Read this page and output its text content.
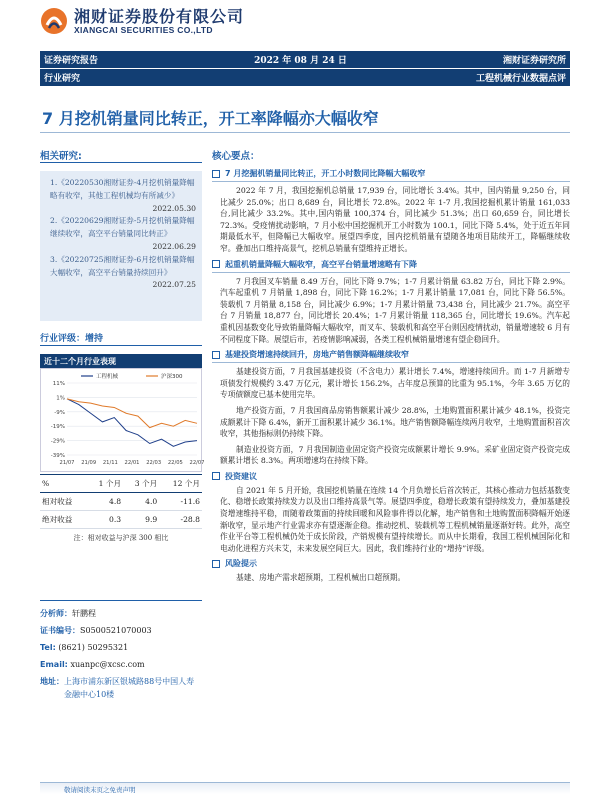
湘财证券股份有限公司
XIANGCAI SECURITIES CO.,LTD
证券研究报告	2022 年 08 月 24 日	湘财证券研究所
行业研究	工程机械行业数据点评
7 月挖机销量同比转正，开工率降幅亦大幅收窄
相关研究:
1.《20220530湘财证券-4月挖机销量降幅略有收窄，其他工程机械均有所减少》
2022.05.30
2.《20220629湘财证券-5月挖机销量降幅继续收窄，高空平台销量同比转正》
2022.06.29
3.《20220725湘财证券-6月挖机销量降幅大幅收窄，高空平台销量持续回升》
2022.07.25
行业评级：增持
近十二个月行业表现
11%
1%
-9%
-19%
-29%
-39%
21/07 21/09 21/11 22/01 22/03 22/05 22/07
工程机械	沪深300
%	1 个月	3 个月	12 个月
相对收益	4.8	4.0	-11.6
绝对收益	0.3	9.9	-28.8
注：相对收益与沪深 300 相比
分析师：轩鹏程
证书编号：S0500521070003
Tel: (8621) 50295321
Email: xuanpc@xcsc.com
地址： 上海市浦东新区银城路88号中国人寿金融中心10楼
核心要点：
7 月挖掘机销量同比转正，开工小时数同比降幅大幅收窄
2022 年 7 月，我国挖掘机总销量 17,939 台，同比增长 3.4%。其中，国内销量 9,250 台，同比减少 25.0%；出口 8,689 台，同比增长 72.8%。2022 年 1-7 月,我国挖掘机累计销量 161,033 台,同比减少 33.2%。其中,国内销量 100,374 台，同比减少 51.3%；出口 60,659 台，同比增长 72.3%。受疫情扰动影响，7 月小松中国挖掘机开工小时数为 100.1，同比下降 5.4%，处于近五年同期最低水平，但降幅已大幅收窄。展望四季度，国内挖机销量有望随各地项目陆续开工，降幅继续收窄。叠加出口维持高景气，挖机总销量有望维持正增长。
起重机销量降幅大幅收窄，高空平台销量增速略有下降
7 月我国叉车销量 8.49 万台，同比下降 9.7%；1-7 月累计销量 63.82 万台，同比下降 2.9%。汽车起重机 7 月销量 1,898 台，同比下降 16.2%；1-7 月累计销量 17,081 台，同比下降 56.5%。装载机 7 月销量 8,158 台，同比减少 6.9%；1-7 月累计销量 73,438 台，同比减少 21.7%。高空平台 7 月销量 18,877 台，同比增长 20.4%；1-7 月累计销量 118,365 台，同比增长 19.6%。汽车起重机因基数变化导致销量降幅大幅收窄，而叉车、装载机和高空平台则因疫情扰动，销量增速较 6 月有不同程度下降。展望后市，若疫情影响减弱，各类工程机械销量增速有望企稳回升。
基建投资增速持续回升，房地产销售额降幅继续收窄
基建投资方面，7 月我国基建投资（不含电力）累计增长 7.4%，增速持续回升。而 1-7 月新增专项债发行规模约 3.47 万亿元，累计增长 156.2%，占年度总预算的比重为 95.1%，今年 3.65 万亿的专项债额度已基本使用完毕。
地产投资方面，7 月我国商品房销售额累计减少 28.8%，土地购置面积累计减少 48.1%，投资完成额累计下降 6.4%，新开工面积累计减少 36.1%。地产销售额降幅连续两月收窄，土地购置面积首次收窄，其他指标则仍持续下降。
制造业投资方面，7 月我国制造业固定资产投资完成额累计增长 9.9%。采矿业固定资产投资完成额累计增长 8.3%。两项增速均在持续下降。
投资建议
自 2021 年 5 月开始，我国挖机销量在连续 14 个月负增长后首次转正，其核心推动力包括基数变化、稳增长政策持续发力以及出口维持高景气等。展望四季度，稳增长政策有望持续发力，叠加基建投资增速维持平稳，而随着政策面的持续回暖和风险事件得以化解，地产销售和土地购置面积降幅开始逐渐收窄，显示地产行业需求亦有望逐渐企稳。推动挖机、装载机等工程机械销量逐渐好转。此外，高空作业平台等工程机械仍处于成长阶段，产销规模有望持续增长。而从中长期看，我国工程机械国际化和电动化进程方兴未艾，未来发展空间巨大。因此，我们维持行业的“增持”评级。
风险提示
基建、房地产需求超预期，工程机械出口超预期。
敬请阅读末页之免责声明
